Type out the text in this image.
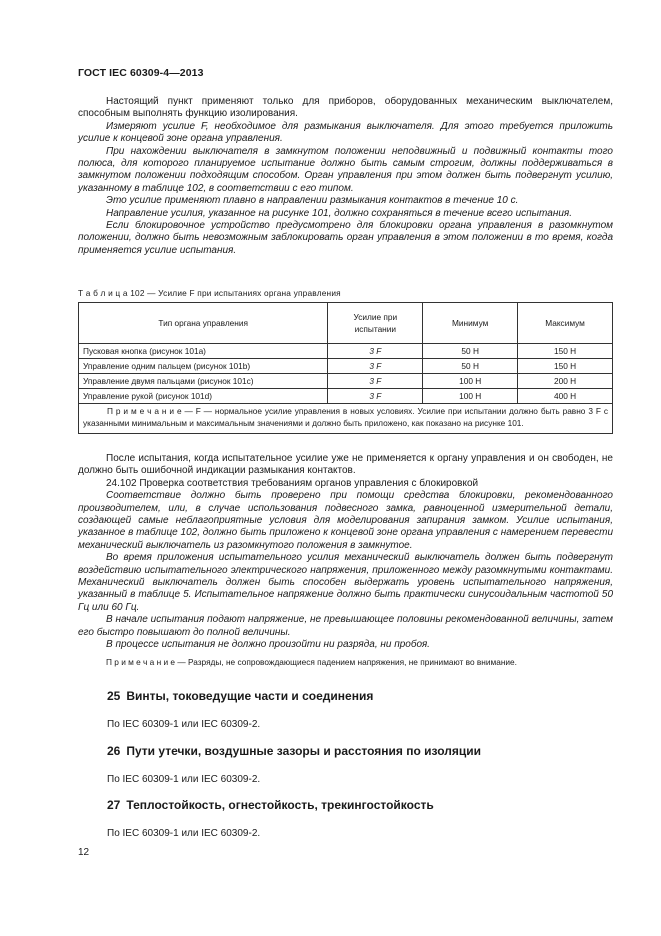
ГОСТ IEC 60309-4—2013

Настоящий пункт применяют только для приборов, оборудованных механическим выключателем, способным выполнять функцию изолирования.

Измеряют усилие F, необходимое для размыкания выключателя. Для этого требуется приложить усилие к концевой зоне органа управления.

При нахождении выключателя в замкнутом положении неподвижный и подвижный контакты того полюса, для которого планируемое испытание должно быть самым строгим, должны поддерживаться в замкнутом положении подходящим способом. Орган управления при этом должен быть подвергнут усилию, указанному в таблице 102, в соответствии с его типом.

Это усилие применяют плавно в направлении размыкания контактов в течение 10 с.

Направление усилия, указанное на рисунке 101, должно сохраняться в течение всего испытания.

Если блокировочное устройство предусмотрено для блокировки органа управления в разомкнутом положении, должно быть невозможным заблокировать орган управления в этом положении в то время, когда применяется усилие испытания.

Т а б л и ц а 102 — Усилие F при испытаниях органа управления
Тип органа управления	Усилие при
испытании	Минимум	Максимум
Пусковая кнопка (рисунок 101а)	3 F	50 Н	150 Н
Управление одним пальцем (рисунок 101b)	3 F	50 Н	150 Н
Управление двумя пальцами (рисунок 101с)	3 F	100 Н	200 Н
Управление рукой (рисунок 101d)	3 F	100 Н	400 Н
П р и м е ч а н и е — F — нормальное усилие управления в новых условиях. Усилие при испытании должно быть равно 3 F с указанными минимальным и максимальным значениями и должно быть приложено, как показано на рисунке 101.			

После испытания, когда испытательное усилие уже не применяется к органу управления и он свободен, не должно быть ошибочной индикации размыкания контактов.

24.102 Проверка соответствия требованиям органов управления с блокировкой

Соответствие должно быть проверено при помощи средства блокировки, рекомендованного производителем, или, в случае использования подвесного замка, равноценной измерительной детали, создающей самые неблагоприятные условия для моделирования запирания замком. Усилие испытания, указанное в таблице 102, должно быть приложено к концевой зоне органа управления с намерением перевести механический выключатель из разомкнутого положения в замкнутое.

Во время приложения испытательного усилия механический выключатель должен быть подвергнут воздействию испытательного электрического напряжения, приложенного между разомкнутыми контактами. Механический выключатель должен быть способен выдержать уровень испытательного напряжения, указанный в таблице 5. Испытательное напряжение должно быть практически синусоидальным частотой 50 Гц или 60 Гц.

В начале испытания подают напряжение, не превышающее половины рекомендованной величины, затем его быстро повышают до полной величины.

В процессе испытания не должно произойти ни разряда, ни пробоя.

П р и м е ч а н и е — Разряды, не сопровождающиеся падением напряжения, не принимают во внимание.

25 Винты, токоведущие части и соединения
По IEC 60309-1 или IEC 60309-2.
26 Пути утечки, воздушные зазоры и расстояния по изоляции
По IEC 60309-1 или IEC 60309-2.
27 Теплостойкость, огнестойкость, трекингостойкость
По IEC 60309-1 или IEC 60309-2.
12
